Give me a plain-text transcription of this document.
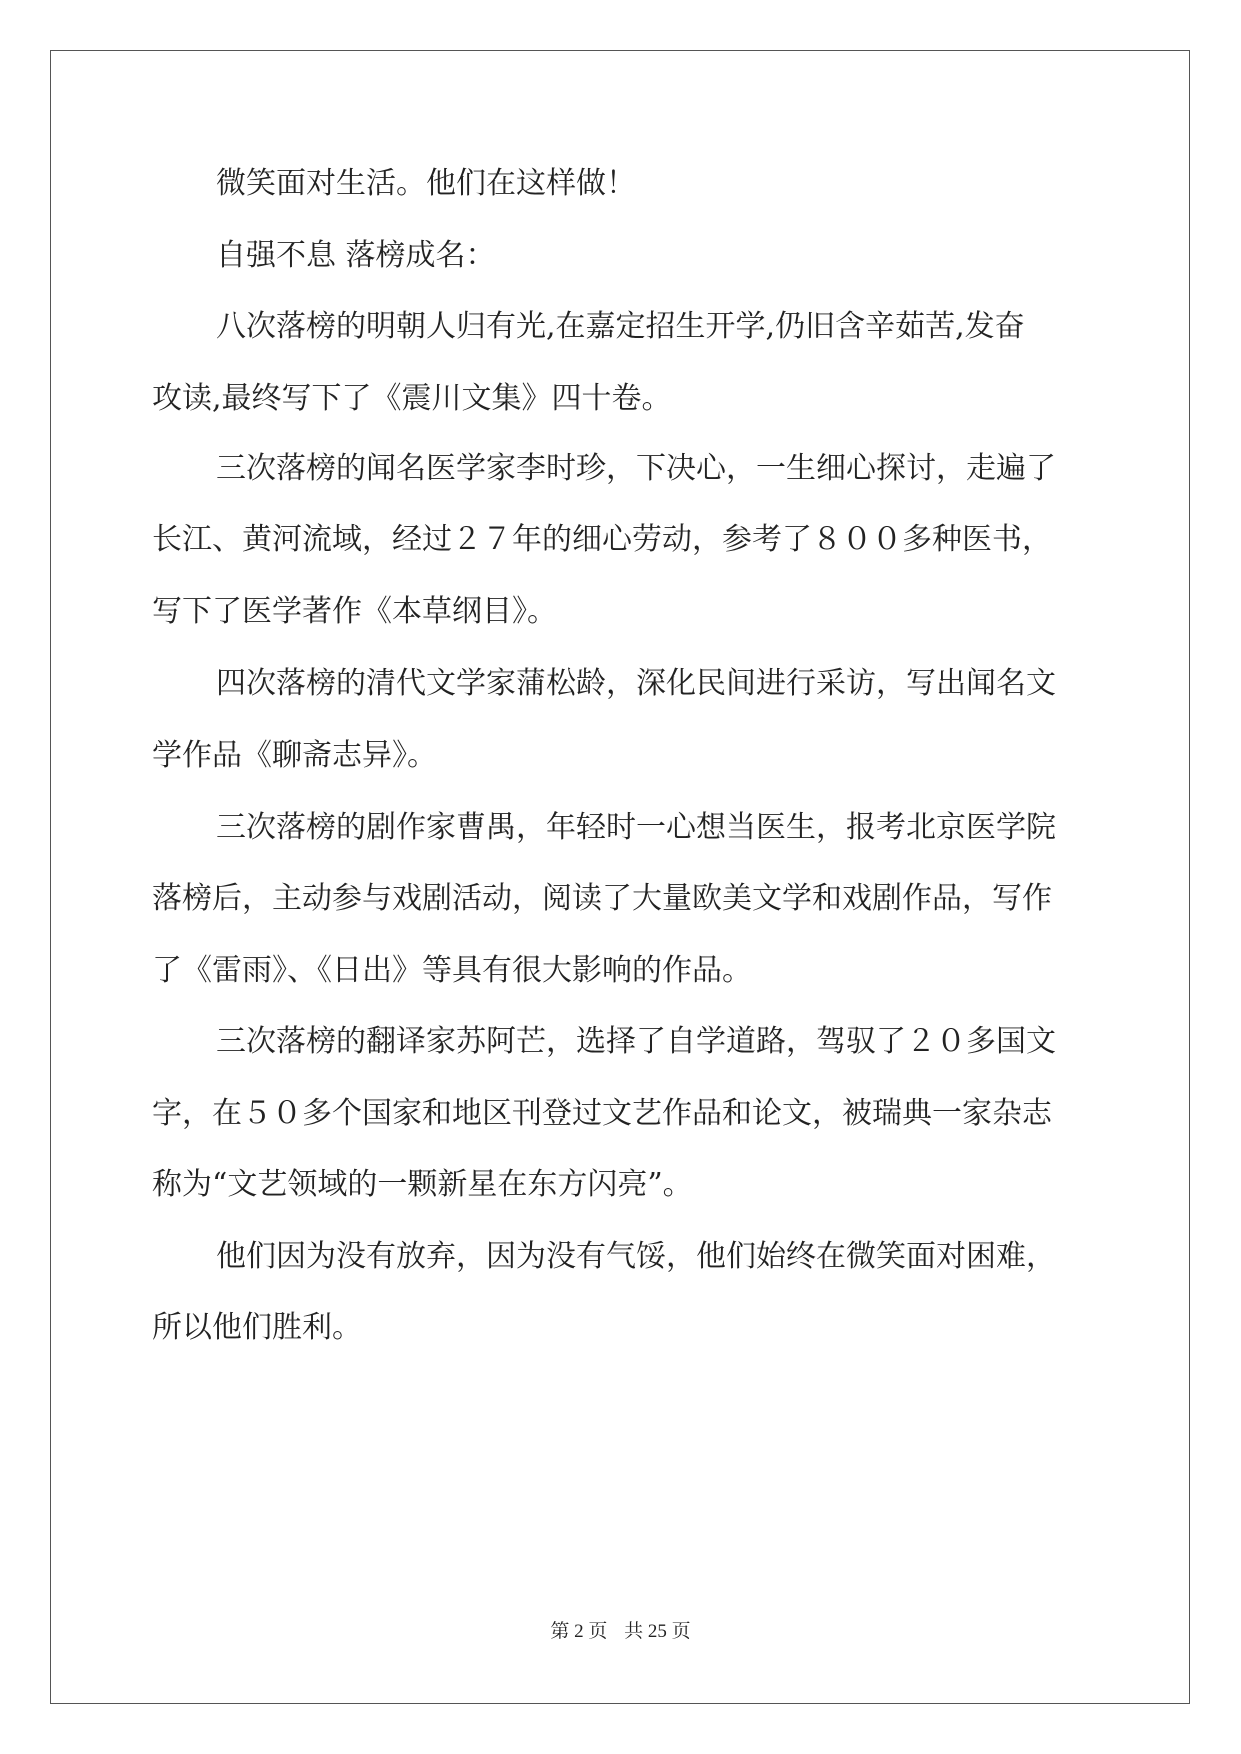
微笑面对生活。他们在这样做！
自强不息 落榜成名：
八次落榜的明朝人归有光,在嘉定招生开学,仍旧含辛茹苦,发奋
攻读,最终写下了《震川文集》四十卷。
三次落榜的闻名医学家李时珍，下决心，一生细心探讨，走遍了
长江、黄河流域，经过２７年的细心劳动，参考了８００多种医书，
写下了医学著作《本草纲目》。
四次落榜的清代文学家蒲松龄，深化民间进行采访，写出闻名文
学作品《聊斋志异》。
三次落榜的剧作家曹禺，年轻时一心想当医生，报考北京医学院
落榜后，主动参与戏剧活动，阅读了大量欧美文学和戏剧作品，写作
了《雷雨》、《日出》等具有很大影响的作品。
三次落榜的翻译家苏阿芒，选择了自学道路，驾驭了２０多国文
字，在５０多个国家和地区刊登过文艺作品和论文，被瑞典一家杂志
称为“文艺领域的一颗新星在东方闪亮”。
他们因为没有放弃，因为没有气馁，他们始终在微笑面对困难，
所以他们胜利。
第 2 页 共 25 页
